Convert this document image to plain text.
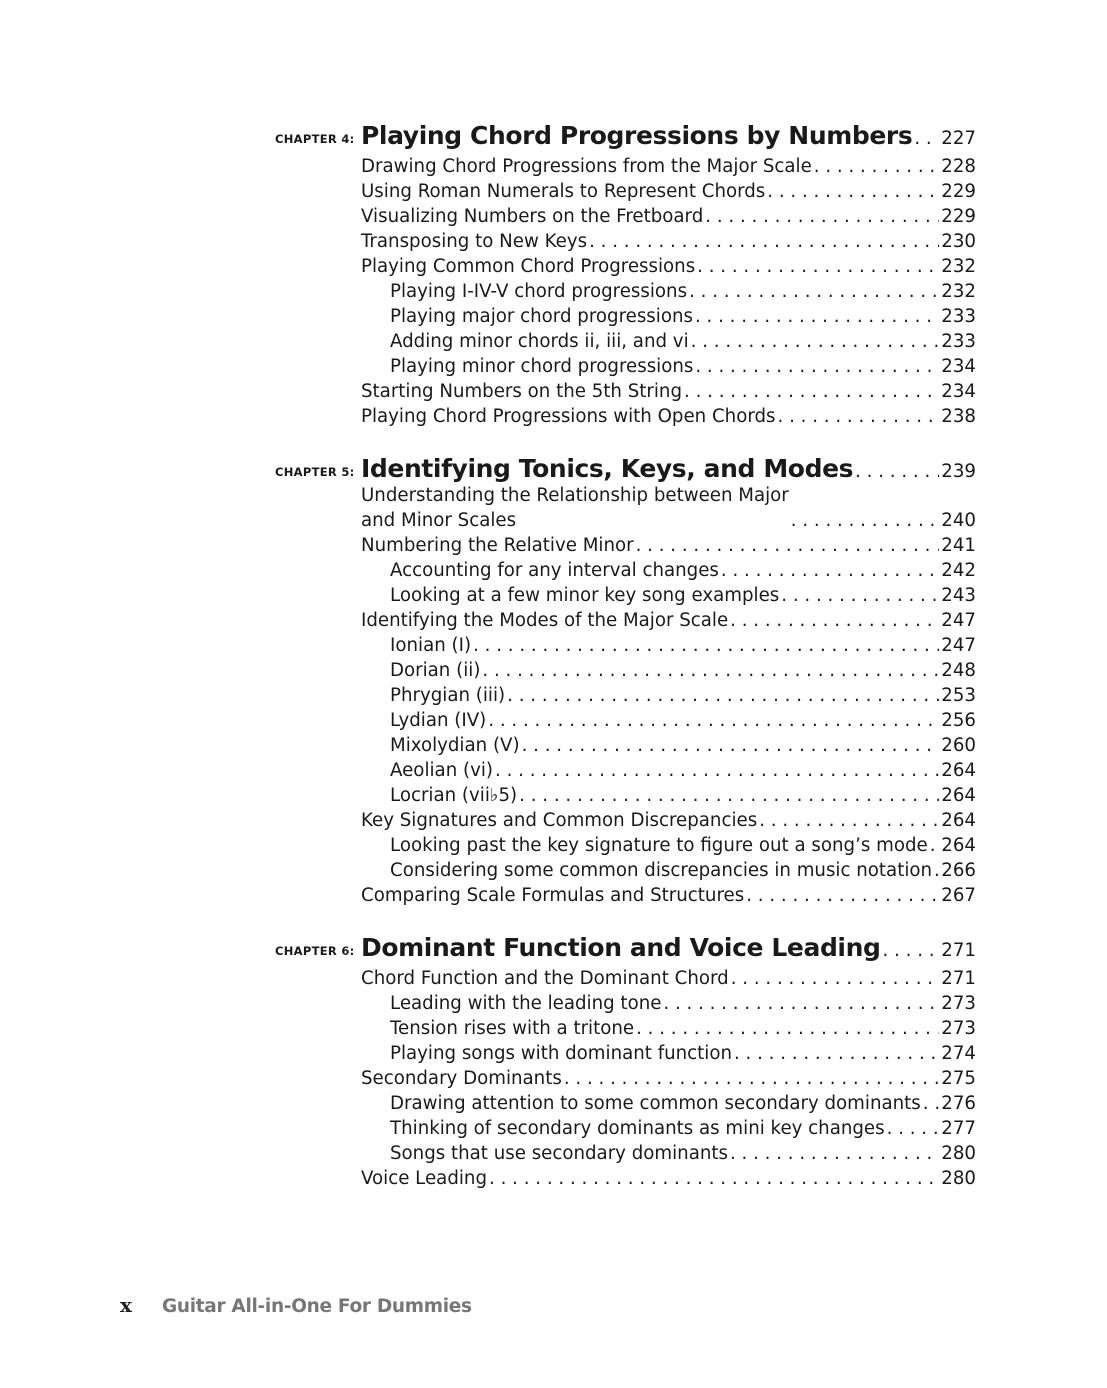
CHAPTER 4: Playing Chord Progressions by Numbers . . . 227
Drawing Chord Progressions from the Major Scale . . .	228
Using Roman Numerals to Represent Chords . . .	229
Visualizing Numbers on the Fretboard . . .	229
Transposing to New Keys . . .	230
Playing Common Chord Progressions . . .	232
Playing I-IV-V chord progressions . . .	232
Playing major chord progressions . . .	233
Adding minor chords ii, iii, and vi . . .	233
Playing minor chord progressions . . .	234
Starting Numbers on the 5th String . . .	234
Playing Chord Progressions with Open Chords . . .	238
CHAPTER 5: Identifying Tonics, Keys, and Modes . . .	239
Understanding the Relationship between Major
and Minor Scales . . .	240
Numbering the Relative Minor . . .	241
Accounting for any interval changes . . .	242
Looking at a few minor key song examples . . .	243
Identifying the Modes of the Major Scale . . .	247
Ionian (I) . . .	247
Dorian (ii) . . .	248
Phrygian (iii) . . .	253
Lydian (IV) . . .	256
Mixolydian (V) . . .	260
Aeolian (vi) . . .	264
Locrian (vii♭5) . . .	264
Key Signatures and Common Discrepancies . . .	264
Looking past the key signature to figure out a song’s mode . . . 264
Considering some common discrepancies in music notation . . . 266
Comparing Scale Formulas and Structures . . .	267
CHAPTER 6: Dominant Function and Voice Leading . . .	271
Chord Function and the Dominant Chord . . .	271
Leading with the leading tone . . .	273
Tension rises with a tritone . . .	273
Playing songs with dominant function . . .	274
Secondary Dominants . . .	275
Drawing attention to some common secondary dominants . . . 276
Thinking of secondary dominants as mini key changes . . .	277
Songs that use secondary dominants . . .	280
Voice Leading . . .	280
x Guitar All-in-One For Dummies
